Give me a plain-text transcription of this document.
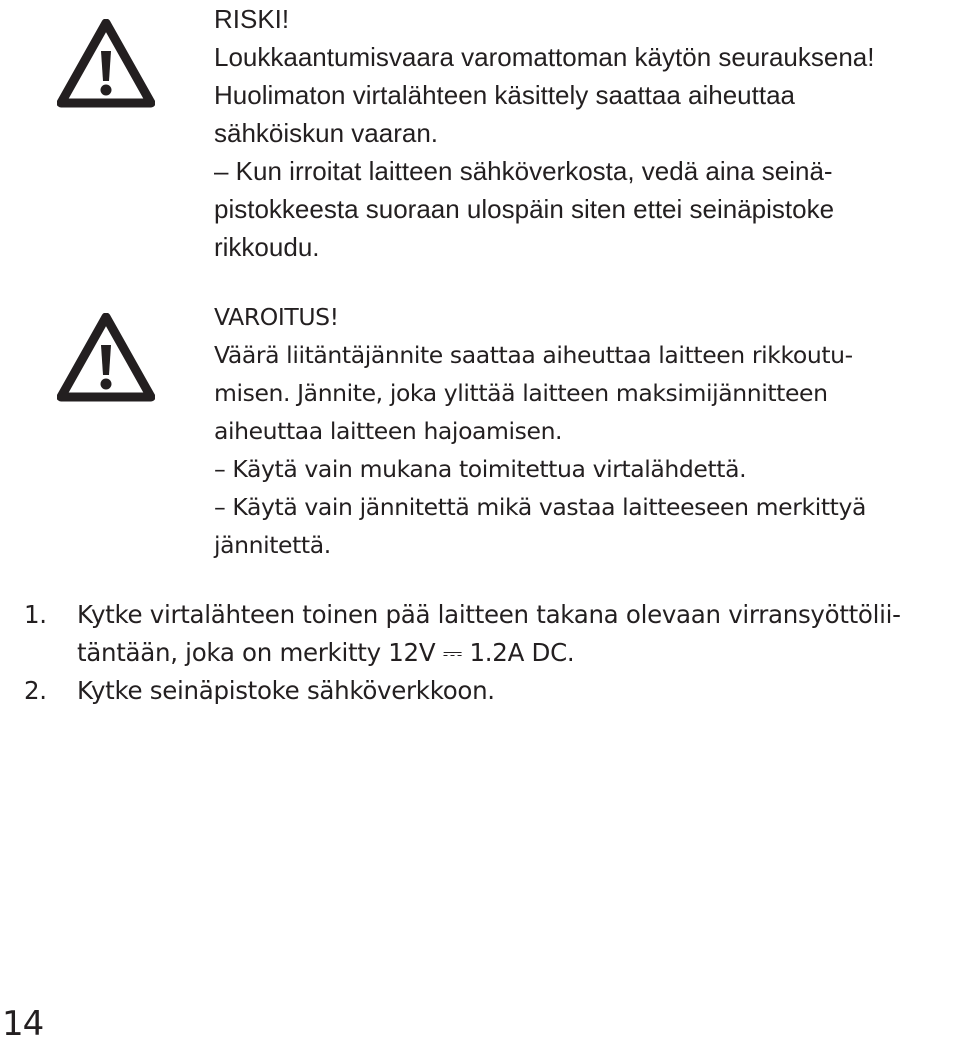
RISKI!
Loukkaantumisvaara varomattoman käytön seurauksena!
Huolimaton virtalähteen käsittely saattaa aiheuttaa
sähköiskun vaaran.
– Kun irroitat laitteen sähköverkosta, vedä aina seinä-
pistokkeesta suoraan ulospäin siten ettei seinäpistoke
rikkoudu.
VAROITUS!
Väärä liitäntäjännite saattaa aiheuttaa laitteen rikkoutu-
misen. Jännite, joka ylittää laitteen maksimijännitteen
aiheuttaa laitteen hajoamisen.
– Käytä vain mukana toimitettua virtalähdettä.
– Käytä vain jännitettä mikä vastaa laitteeseen merkittyä
jännitettä.
1. Kytke virtalähteen toinen pää laitteen takana olevaan virransyöttölii-
täntään, joka on merkitty 12V ⎓ 1.2A DC.
2. Kytke seinäpistoke sähköverkkoon.
14
